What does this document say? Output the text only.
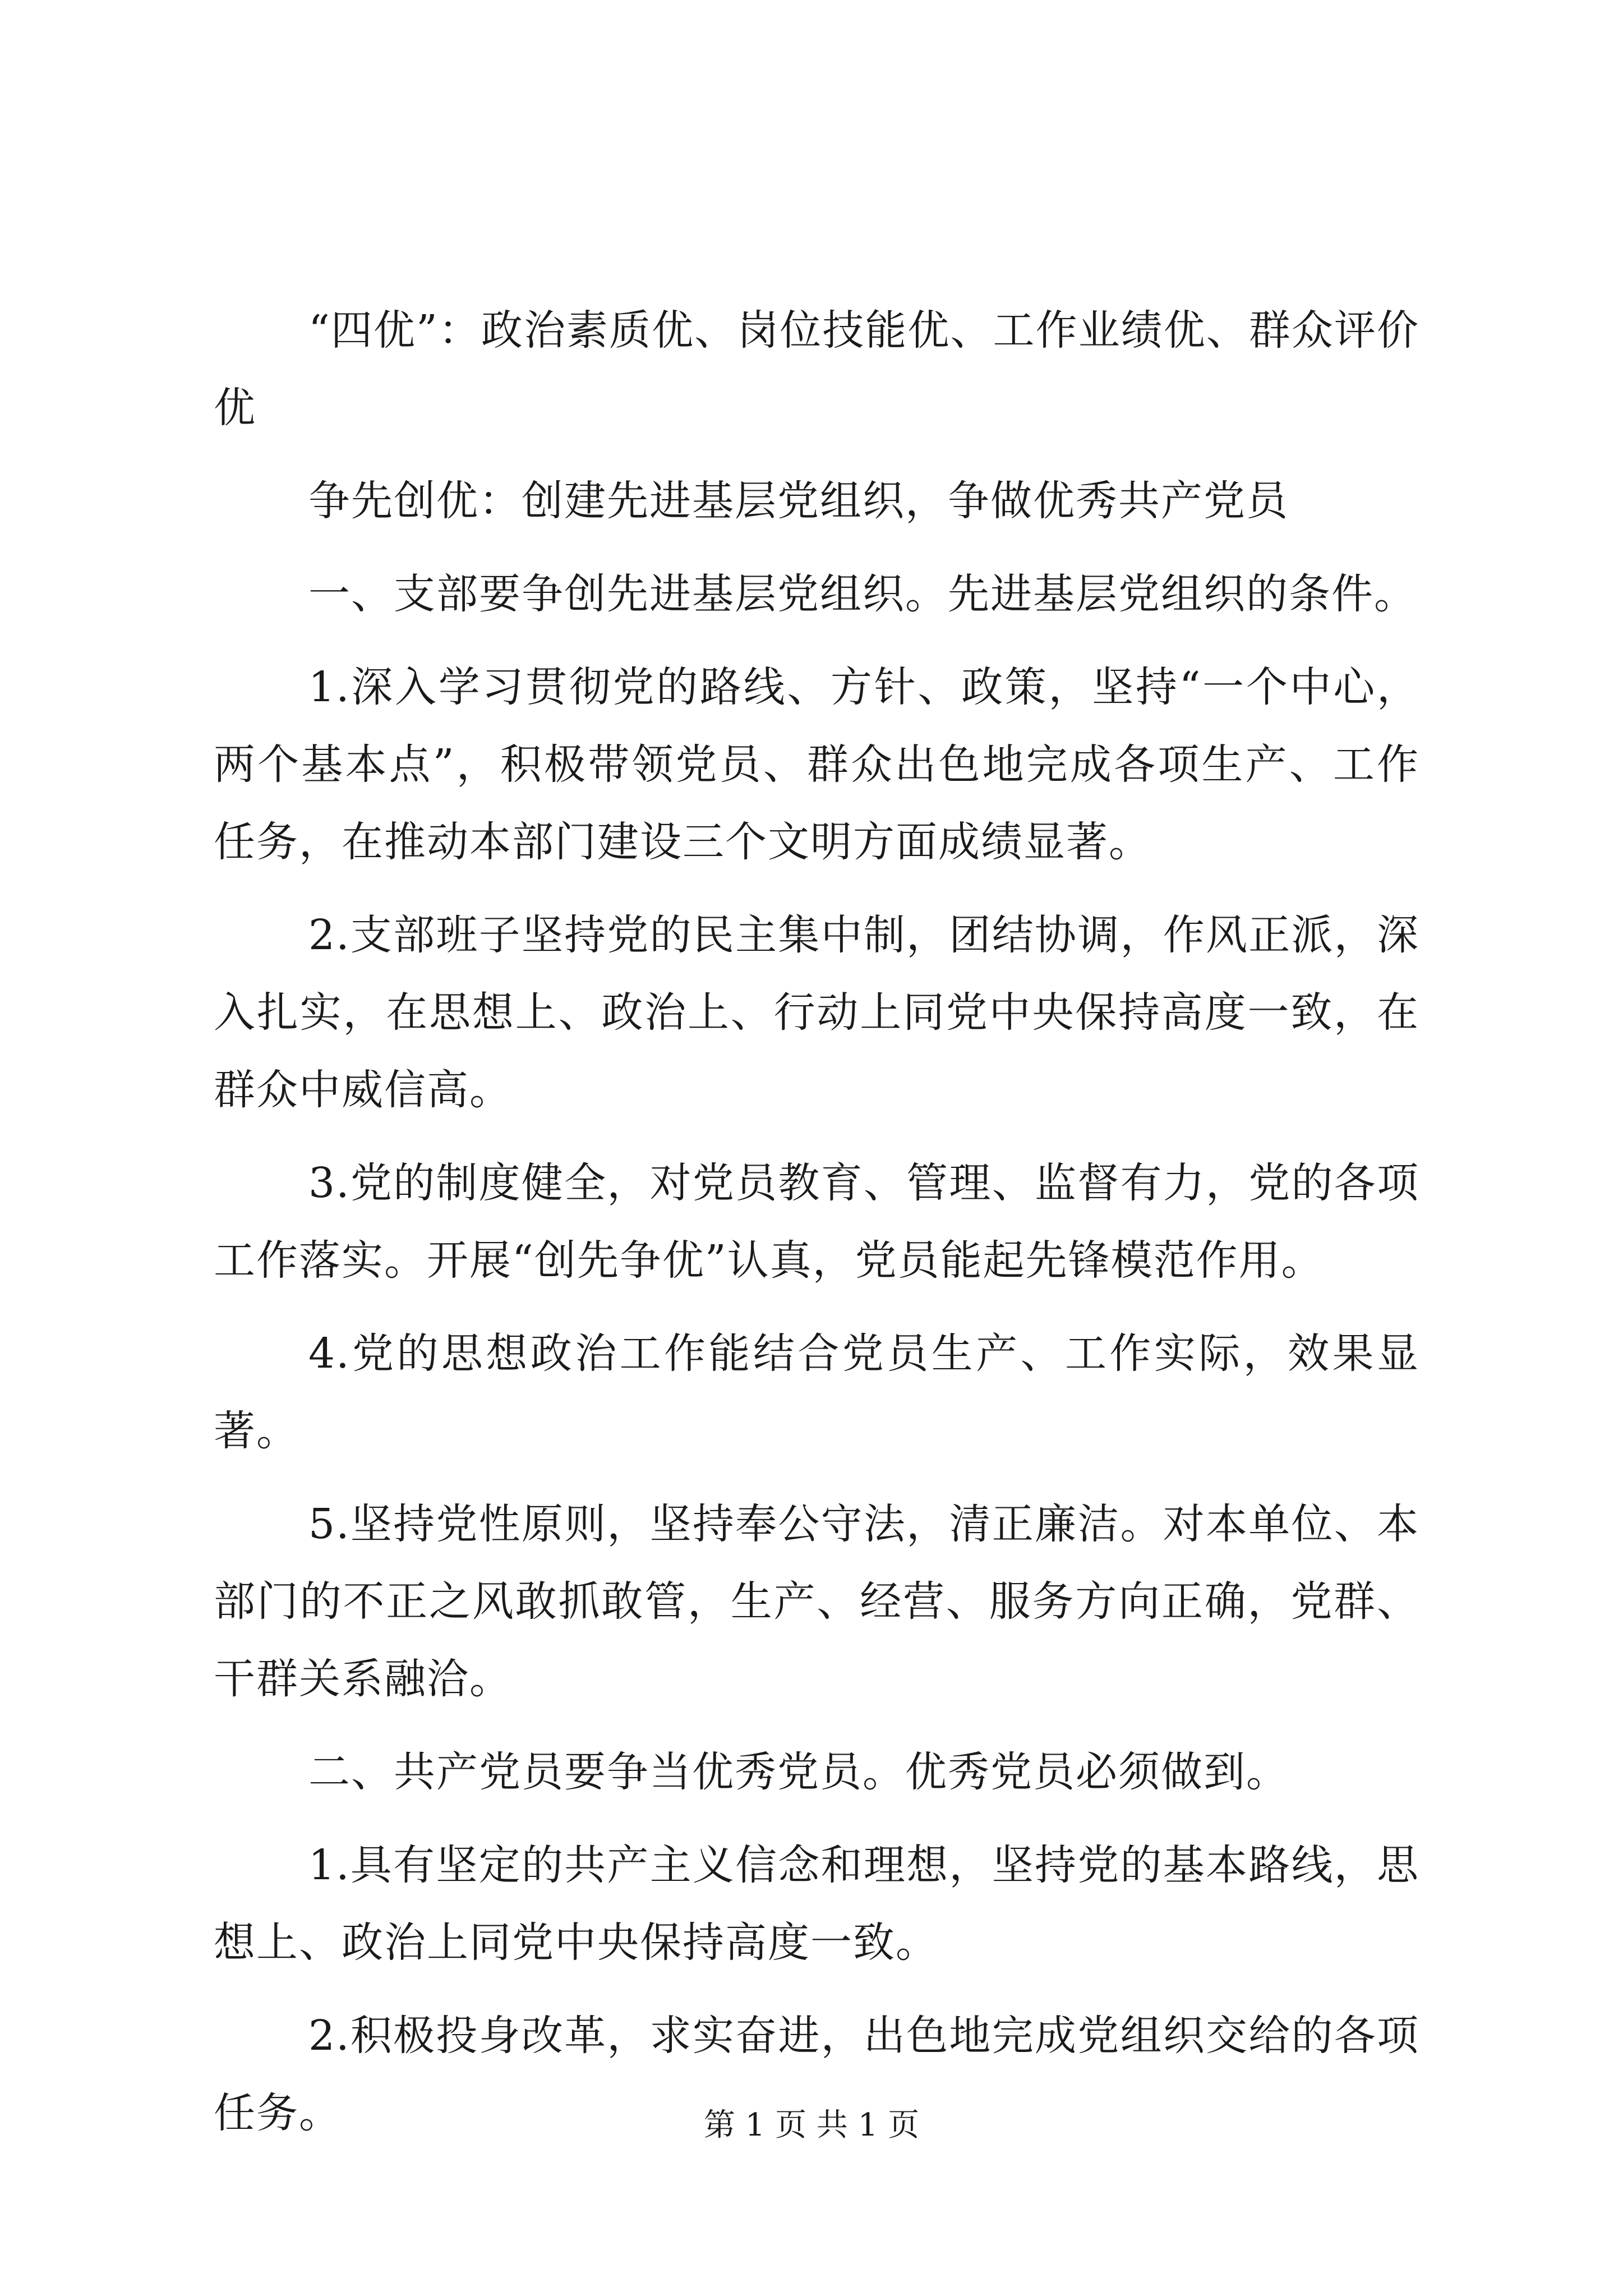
“四优”：政治素质优、岗位技能优、工作业绩优、群众评价优

争先创优：创建先进基层党组织，争做优秀共产党员

一、支部要争创先进基层党组织。先进基层党组织的条件。

1.深入学习贯彻党的路线、方针、政策，坚持“一个中心，两个基本点”，积极带领党员、群众出色地完成各项生产、工作任务，在推动本部门建设三个文明方面成绩显著。

2.支部班子坚持党的民主集中制，团结协调，作风正派，深入扎实，在思想上、政治上、行动上同党中央保持高度一致，在群众中威信高。

3.党的制度健全，对党员教育、管理、监督有力，党的各项工作落实。开展“创先争优”认真，党员能起先锋模范作用。

4.党的思想政治工作能结合党员生产、工作实际，效果显著。

5.坚持党性原则，坚持奉公守法，清正廉洁。对本单位、本部门的不正之风敢抓敢管，生产、经营、服务方向正确，党群、干群关系融洽。

二、共产党员要争当优秀党员。优秀党员必须做到。

1.具有坚定的共产主义信念和理想，坚持党的基本路线，思想上、政治上同党中央保持高度一致。

2.积极投身改革，求实奋进，出色地完成党组织交给的各项任务。	第 1 页 共 1 页
